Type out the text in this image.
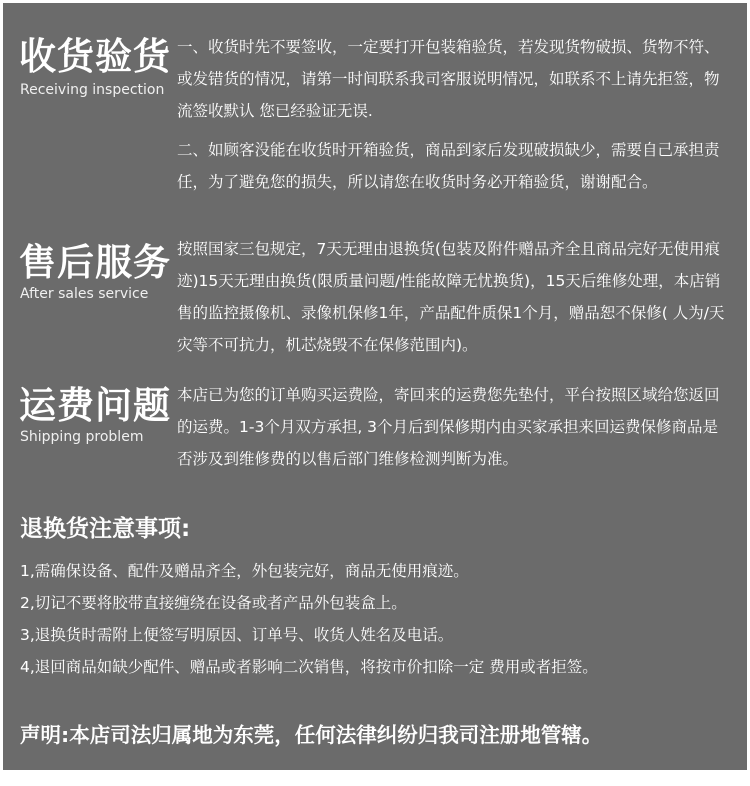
收货验货
Receiving inspection

一、收货时先不要签收，一定要打开包装箱验货，若发现货物破损、货物不符、或发错货的情况，请第一时间联系我司客服说明情况，如联系不上请先拒签，物流签收默认 您已经验证无误.

二、如顾客没能在收货时开箱验货，商品到家后发现破损缺少，需要自己承担责任，为了避免您的损失，所以请您在收货时务必开箱验货，谢谢配合。

售后服务
After sales service

按照国家三包规定，7天无理由退换货(包装及附件赠品齐全且商品完好无使用痕迹)15天无理由换货(限质量问题/性能故障无忧换货)，15天后维修处理，本店销售的监控摄像机、录像机保修1年，产品配件质保1个月，赠品恕不保修( 人为/天灾等不可抗力，机芯烧毁不在保修范围内)。

运费问题
Shipping problem

本店已为您的订单购买运费险，寄回来的运费您先垫付，平台按照区域给您返回的运费。1-3个月双方承担, 3个月后到保修期内由买家承担来回运费保修商品是否涉及到维修费的以售后部门维修检测判断为准。

退换货注意事项:
1,需确保设备、配件及赠品齐全，外包装完好，商品无使用痕迹。
2,切记不要将胶带直接缠绕在设备或者产品外包装盒上。
3,退换货时需附上便签写明原因、订单号、收货人姓名及电话。
4,退回商品如缺少配件、赠品或者影响二次销售，将按市价扣除一定 费用或者拒签。
声明:本店司法归属地为东莞，任何法律纠纷归我司注册地管辖。
